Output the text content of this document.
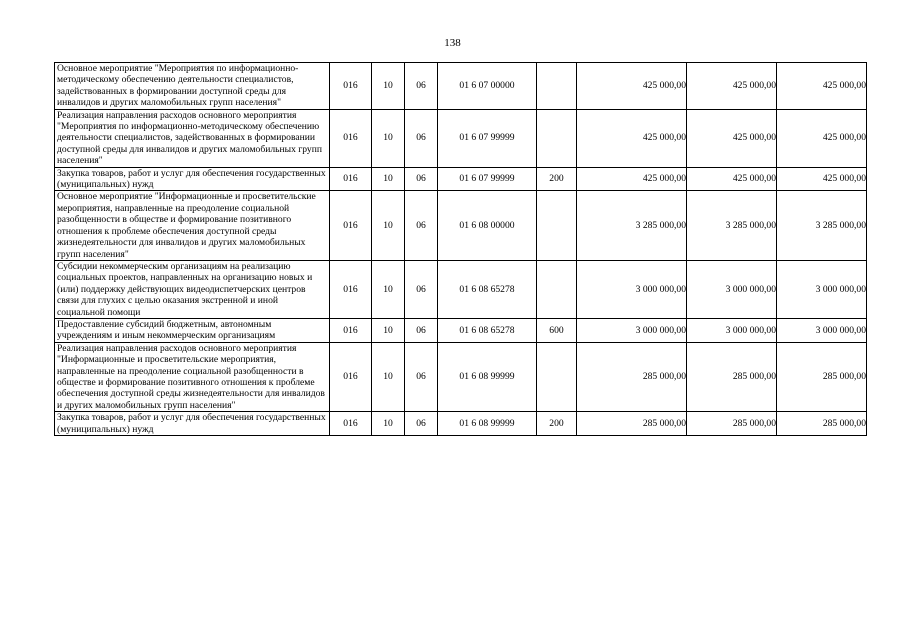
138
Основное мероприятие "Мероприятия по информационно-методическому обеспечению деятельности специалистов, задействованных в формировании доступной среды для инвалидов и других маломобильных групп населения"	016	10	06	01 6 07 00000		425 000,00	425 000,00	425 000,00
Реализация направления расходов основного мероприятия "Мероприятия по информационно-методическому обеспечению деятельности специалистов, задействованных в формировании доступной среды для инвалидов и других маломобильных групп населения"	016	10	06	01 6 07 99999		425 000,00	425 000,00	425 000,00
Закупка товаров, работ и услуг для обеспечения государственных (муниципальных) нужд	016	10	06	01 6 07 99999	200	425 000,00	425 000,00	425 000,00
Основное мероприятие "Информационные и просветительские мероприятия, направленные на преодоление социальной разобщенности в обществе и формирование позитивного отношения к проблеме обеспечения доступной среды жизнедеятельности для инвалидов и других маломобильных групп населения"	016	10	06	01 6 08 00000		3 285 000,00	3 285 000,00	3 285 000,00
Субсидии некоммерческим организациям на реализацию социальных проектов, направленных на организацию новых и (или) поддержку действующих видеодиспетчерских центров связи для глухих с целью оказания экстренной и иной социальной помощи	016	10	06	01 6 08 65278		3 000 000,00	3 000 000,00	3 000 000,00
Предоставление субсидий бюджетным, автономным учреждениям и иным некоммерческим организациям	016	10	06	01 6 08 65278	600	3 000 000,00	3 000 000,00	3 000 000,00
Реализация направления расходов основного мероприятия "Информационные и просветительские мероприятия, направленные на преодоление социальной разобщенности в обществе и формирование позитивного отношения к проблеме обеспечения доступной среды жизнедеятельности для инвалидов и других маломобильных групп населения"	016	10	06	01 6 08 99999		285 000,00	285 000,00	285 000,00
Закупка товаров, работ и услуг для обеспечения государственных (муниципальных) нужд	016	10	06	01 6 08 99999	200	285 000,00	285 000,00	285 000,00
